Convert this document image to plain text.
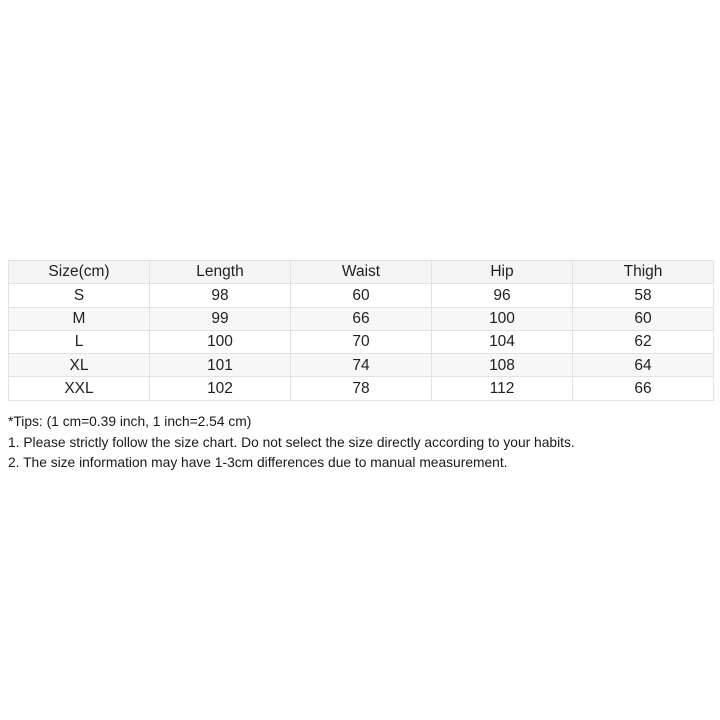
Size(cm)	Length	Waist	Hip	Thigh
S	98	60	96	58
M	99	66	100	60
L	100	70	104	62
XL	101	74	108	64
XXL	102	78	112	66

*Tips: (1 cm=0.39 inch, 1 inch=2.54 cm)

1. Please strictly follow the size chart. Do not select the size directly according to your habits.

2. The size information may have 1-3cm differences due to manual measurement.
